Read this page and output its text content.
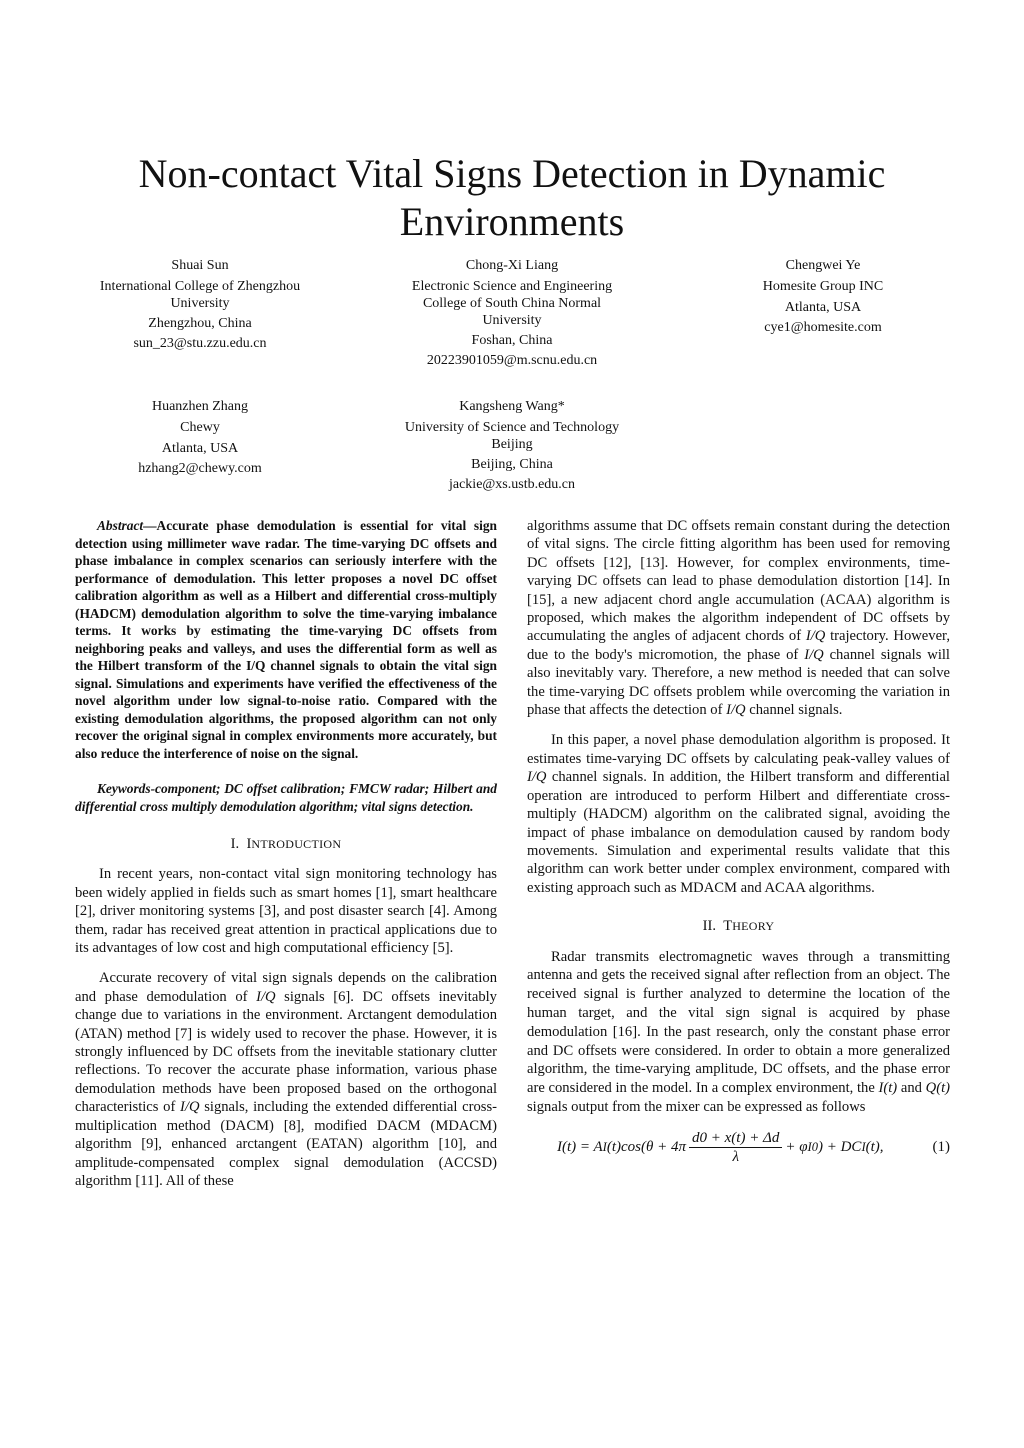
Non-contact Vital Signs Detection in Dynamic Environments
Shuai Sun
International College of Zhengzhou University
Zhengzhou, China
sun_23@stu.zzu.edu.cn
Chong-Xi Liang
Electronic Science and Engineering College of South China Normal University
Foshan, China
20223901059@m.scnu.edu.cn
Chengwei Ye
Homesite Group INC
Atlanta, USA
cye1@homesite.com
Huanzhen Zhang
Chewy
Atlanta, USA
hzhang2@chewy.com
Kangsheng Wang*
University of Science and Technology Beijing
Beijing, China
jackie@xs.ustb.edu.cn

Abstract—Accurate phase demodulation is essential for vital sign detection using millimeter wave radar. The time-varying DC offsets and phase imbalance in complex scenarios can seriously interfere with the performance of demodulation. This letter proposes a novel DC offset calibration algorithm as well as a Hilbert and differential cross-multiply (HADCM) demodulation algorithm to solve the time-varying imbalance terms. It works by estimating the time-varying DC offsets from neighboring peaks and valleys, and uses the differential form as well as the Hilbert transform of the I/Q channel signals to obtain the vital sign signal. Simulations and experiments have verified the effectiveness of the novel algorithm under low signal-to-noise ratio. Compared with the existing demodulation algorithms, the proposed algorithm can not only recover the original signal in complex environments more accurately, but also reduce the interference of noise on the signal.

Keywords-component; DC offset calibration; FMCW radar; Hilbert and differential cross multiply demodulation algorithm; vital signs detection.

I. INTRODUCTION

In recent years, non-contact vital sign monitoring technology has been widely applied in fields such as smart homes [1], smart healthcare [2], driver monitoring systems [3], and post disaster search [4]. Among them, radar has received great attention in practical applications due to its advantages of low cost and high computational efficiency [5].

Accurate recovery of vital sign signals depends on the calibration and phase demodulation of I/Q signals [6]. DC offsets inevitably change due to variations in the environment. Arctangent demodulation (ATAN) method [7] is widely used to recover the phase. However, it is strongly influenced by DC offsets from the inevitable stationary clutter reflections. To recover the accurate phase information, various phase demodulation methods have been proposed based on the orthogonal characteristics of I/Q signals, including the extended differential cross-multiplication method (DACM) [8], modified DACM (MDACM) algorithm [9], enhanced arctangent (EATAN) algorithm [10], and amplitude-compensated complex signal demodulation (ACCSD) algorithm [11]. All of these

algorithms assume that DC offsets remain constant during the detection of vital signs. The circle fitting algorithm has been used for removing DC offsets [12], [13]. However, for complex environments, time-varying DC offsets can lead to phase demodulation distortion [14]. In [15], a new adjacent chord angle accumulation (ACAA) algorithm is proposed, which makes the algorithm independent of DC offsets by accumulating the angles of adjacent chords of I/Q trajectory. However, due to the body's micromotion, the phase of I/Q channel signals will also inevitably vary. Therefore, a new method is needed that can solve the time-varying DC offsets problem while overcoming the variation in phase that affects the detection of I/Q channel signals.

In this paper, a novel phase demodulation algorithm is proposed. It estimates time-varying DC offsets by calculating peak-valley values of I/Q channel signals. In addition, the Hilbert transform and differential operation are introduced to perform Hilbert and differentiate cross-multiply (HADCM) algorithm on the calibrated signal, avoiding the impact of phase imbalance on demodulation caused by random body movements. Simulation and experimental results validate that this algorithm can work better under complex environment, compared with existing approach such as MDACM and ACAA algorithms.

II. THEORY

Radar transmits electromagnetic waves through a transmitting antenna and gets the received signal after reflection from an object. The received signal is further analyzed to determine the location of the human target, and the vital sign signal is acquired by phase demodulation [16]. In the past research, only the constant phase error and DC offsets were considered. In order to obtain a more generalized algorithm, the time-varying amplitude, DC offsets, and the phase error are considered in the model. In a complex environment, the I(t) and Q(t) signals output from the mixer can be expressed as follows

I(t) = A I $(t)\cos(\theta + 4\pi \frac{d0 + x(t) + \Delta d}{\lambda} + \varphi$ I0 ) + DC I (t),	(1)
